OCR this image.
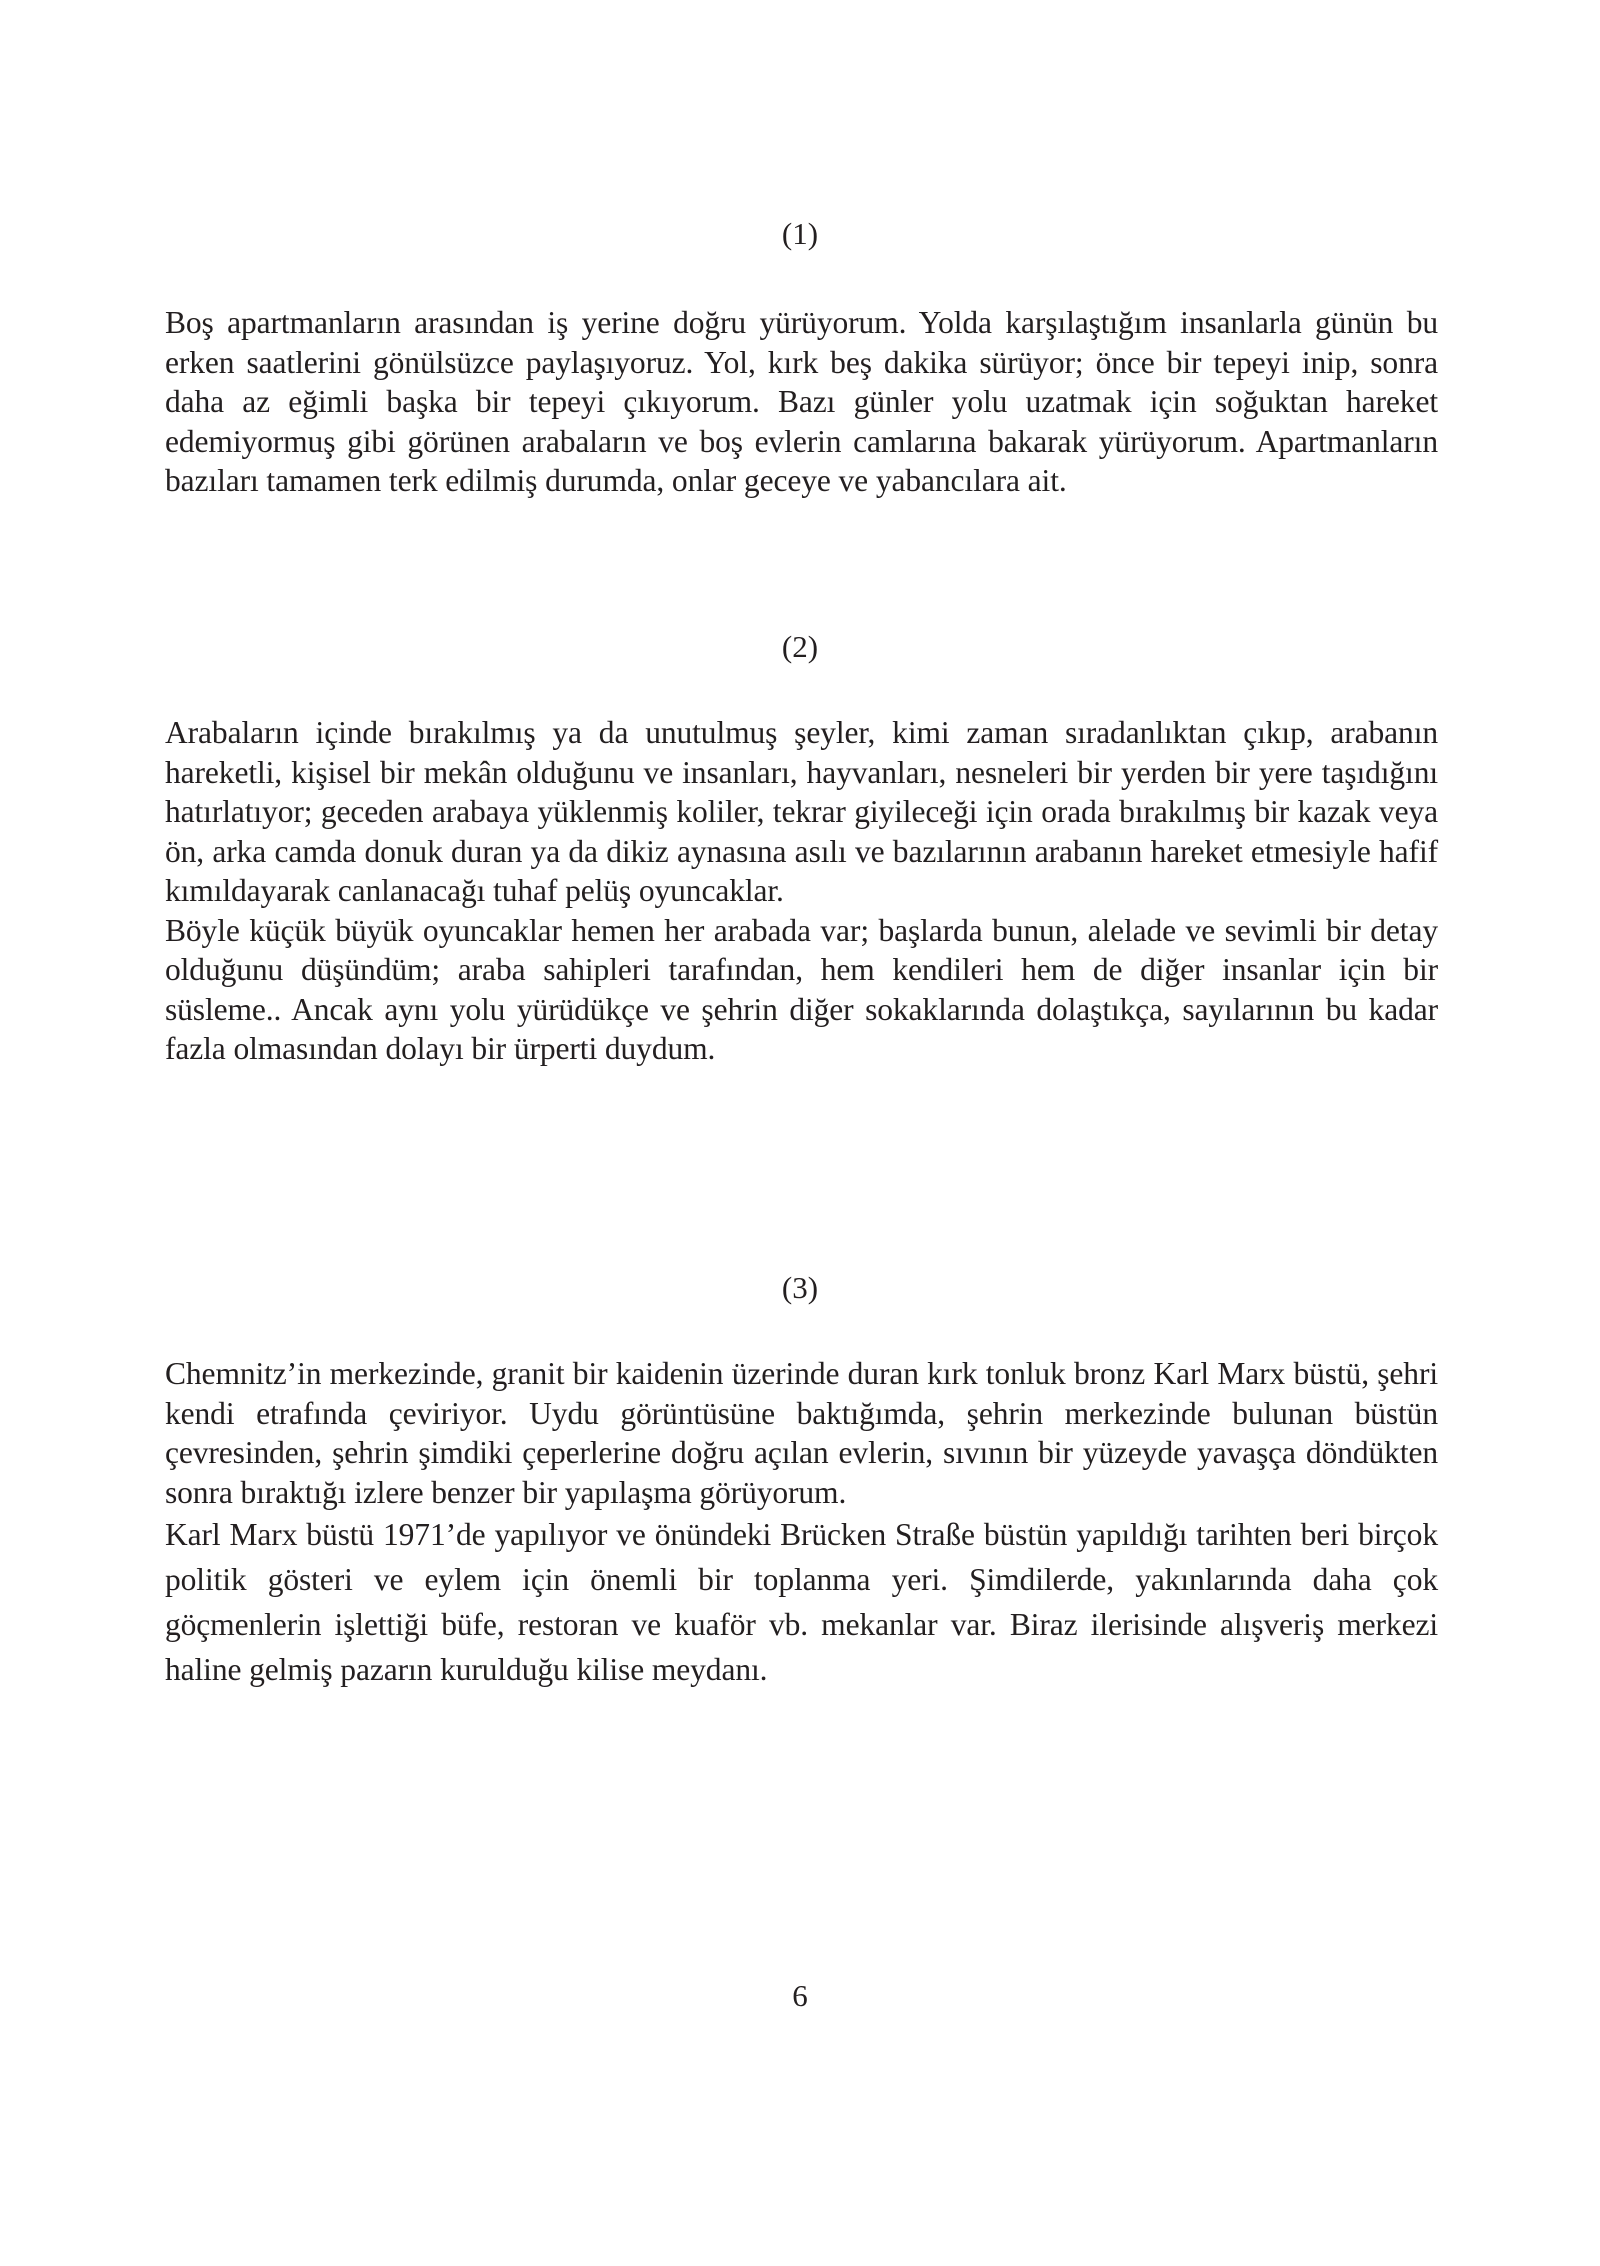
(1)

Boş apartmanların arasından iş yerine doğru yürüyorum. Yolda karşılaştığım insanlarla günün bu erken saatlerini gönülsüzce paylaşıyoruz. Yol, kırk beş dakika sürüyor; önce bir tepeyi inip, sonra daha az eğimli başka bir tepeyi çıkıyorum. Bazı günler yolu uzatmak için soğuktan hareket edemiyormuş gibi görünen arabaların ve boş evlerin camlarına bakarak yürüyorum. Apartmanların bazıları tamamen terk edilmiş durumda, onlar geceye ve yabancılara ait.

(2)

Arabaların içinde bırakılmış ya da unutulmuş şeyler, kimi zaman sıradanlıktan çıkıp, arabanın hareketli, kişisel bir mekân olduğunu ve insanları, hayvanları, nesneleri bir yerden bir yere taşıdığını hatırlatıyor; geceden arabaya yüklenmiş koliler, tekrar giyileceği için orada bırakılmış bir kazak veya ön, arka camda donuk duran ya da dikiz aynasına asılı ve bazılarının arabanın hareket etmesiyle hafif kımıldayarak canlanacağı tuhaf pelüş oyuncaklar.

Böyle küçük büyük oyuncaklar hemen her arabada var; başlarda bunun, alelade ve sevimli bir detay olduğunu düşündüm; araba sahipleri tarafından, hem kendileri hem de diğer insanlar için bir süsleme.. Ancak aynı yolu yürüdükçe ve şehrin diğer sokaklarında dolaştıkça, sayılarının bu kadar fazla olmasından dolayı bir ürperti duydum.

(3)

Chemnitz’in merkezinde, granit bir kaidenin üzerinde duran kırk tonluk bronz Karl Marx büstü, şehri kendi etrafında çeviriyor. Uydu görüntüsüne baktığımda, şehrin merkezinde bulunan büstün çevresinden, şehrin şimdiki çeperlerine doğru açılan evlerin, sıvının bir yüzeyde yavaşça döndükten sonra bıraktığı izlere benzer bir yapılaşma görüyorum.

Karl Marx büstü 1971’de yapılıyor ve önündeki Brücken Straße büstün yapıldığı tarihten beri birçok politik gösteri ve eylem için önemli bir toplanma yeri. Şimdilerde, yakınlarında daha çok göçmenlerin işlettiği büfe, restoran ve kuaför vb. mekanlar var. Biraz ilerisinde alışveriş merkezi haline gelmiş pazarın kurulduğu kilise meydanı.

6
